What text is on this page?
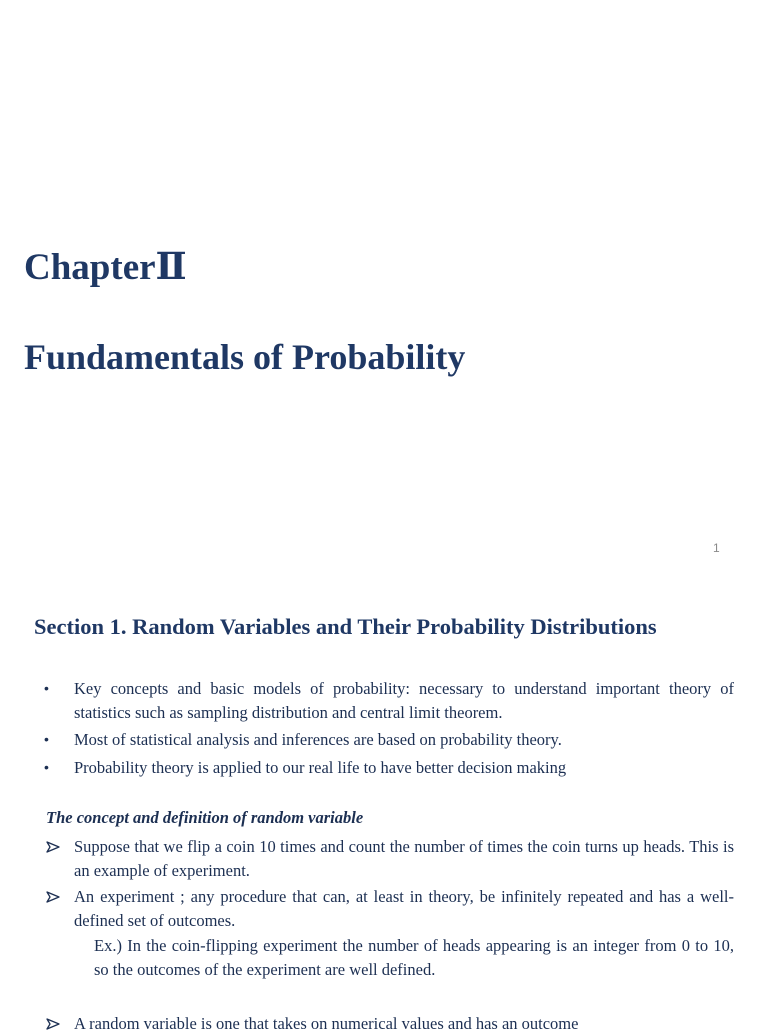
ChapterⅡ
Fundamentals of Probability
1
Section 1. Random Variables and Their Probability Distributions
• Key concepts and basic models of probability: necessary to understand important theory of statistics such as sampling distribution and central limit theorem.
• Most of statistical analysis and inferences are based on probability theory.
• Probability theory is applied to our real life to have better decision making
The concept and definition of random variable
Suppose that we flip a coin 10 times and count the number of times the coin turns up heads. This is an example of experiment.
An experiment ; any procedure that can, at least in theory, be infinitely repeated and has a well-defined set of outcomes.

Ex.) In the coin-flipping experiment the number of heads appearing is an integer from 0 to 10, so the outcomes of the experiment are well defined.

A random variable is one that takes on numerical values and has an outcome
